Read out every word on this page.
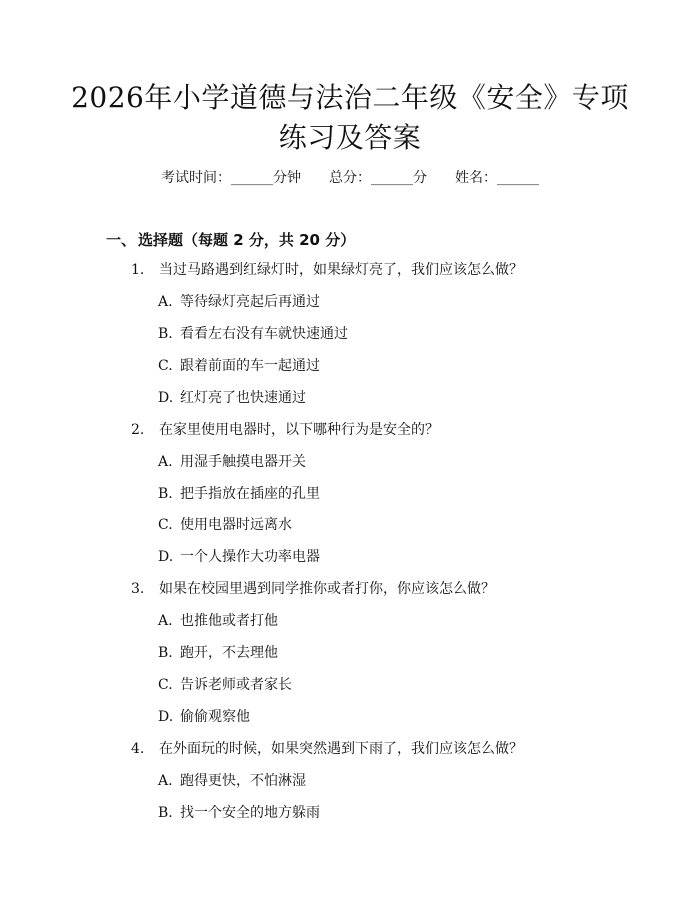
2026年小学道德与法治二年级《安全》专项
练习及答案
考试时间：______分钟 总分：______分 姓名：______
一、 选择题（每题 2 分，共 20 分）
1. 当过马路遇到红绿灯时，如果绿灯亮了，我们应该怎么做？
A. 等待绿灯亮起后再通过
B. 看看左右没有车就快速通过
C. 跟着前面的车一起通过
D. 红灯亮了也快速通过
2. 在家里使用电器时，以下哪种行为是安全的？
A. 用湿手触摸电器开关
B. 把手指放在插座的孔里
C. 使用电器时远离水
D. 一个人操作大功率电器
3. 如果在校园里遇到同学推你或者打你，你应该怎么做？
A. 也推他或者打他
B. 跑开，不去理他
C. 告诉老师或者家长
D. 偷偷观察他
4. 在外面玩的时候，如果突然遇到下雨了，我们应该怎么做？
A. 跑得更快，不怕淋湿
B. 找一个安全的地方躲雨
